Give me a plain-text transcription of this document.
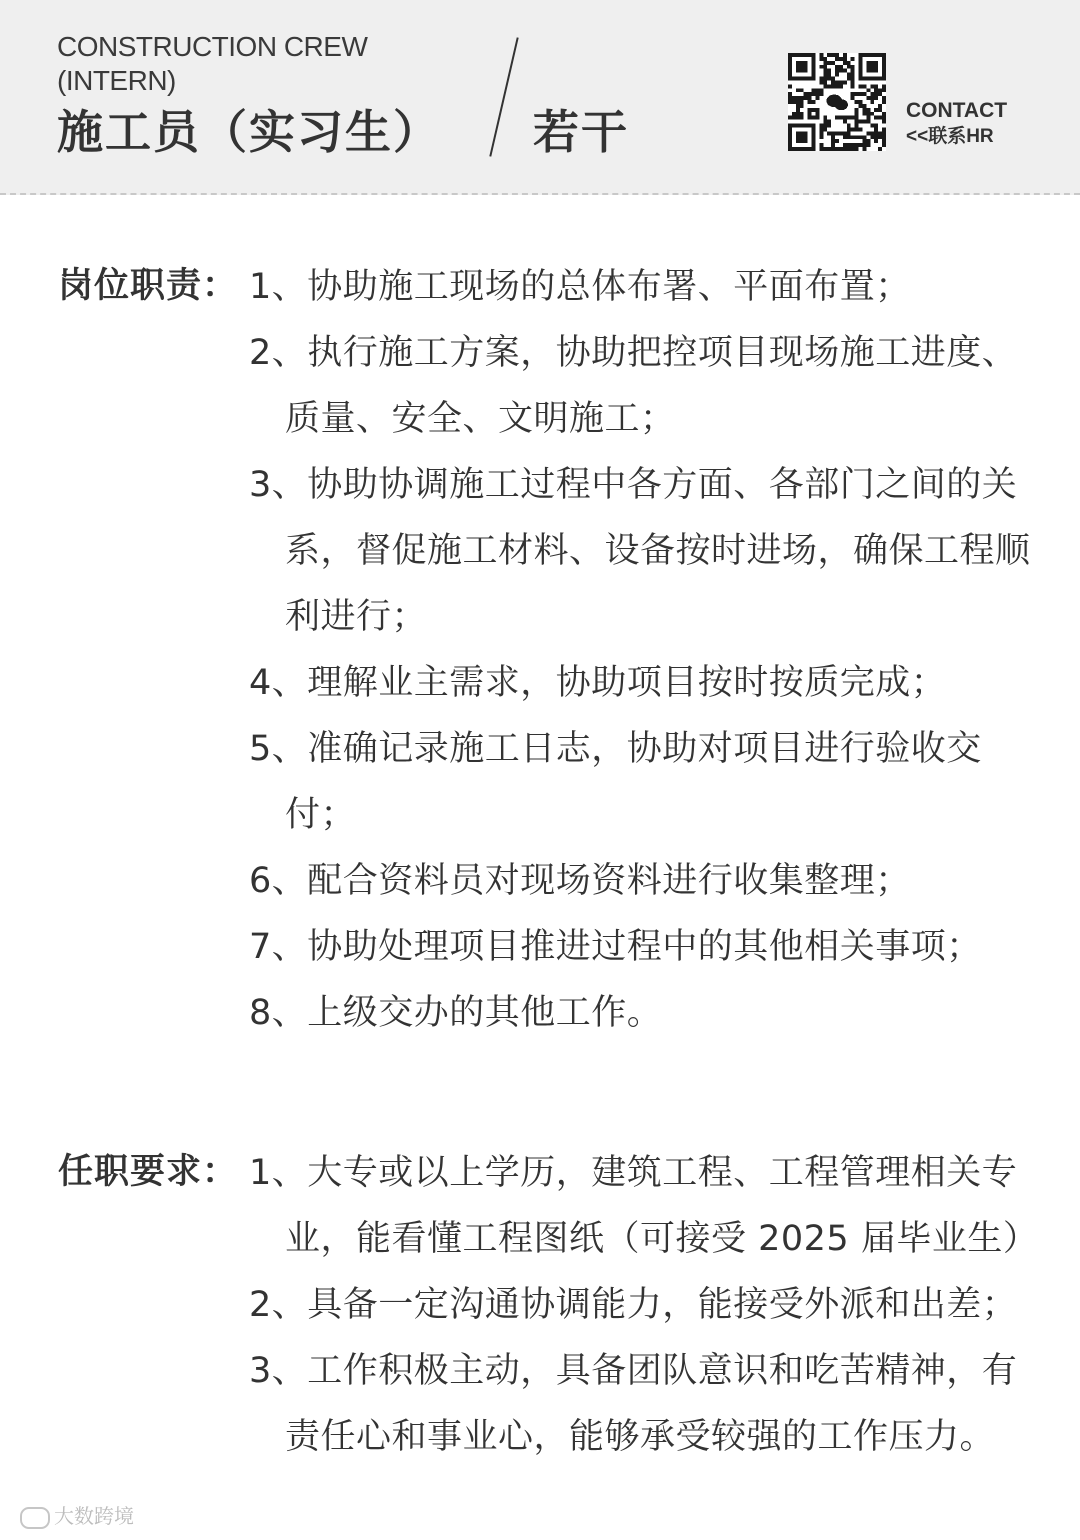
CONSTRUCTION CREW
(INTERN)
施工员（实习生） 若干	CONTACT
<<联系HR
岗位职责： 1、协助施工现场的总体布署、平面布置；
2、执行施工方案，协助把控项目现场施工进度、质量、安全、文明施工；
3、协助协调施工过程中各方面、各部门之间的关系，督促施工材料、设备按时进场，确保工程顺利进行；
4、理解业主需求，协助项目按时按质完成；
5、准确记录施工日志，协助对项目进行验收交付；
6、配合资料员对现场资料进行收集整理；
7、协助处理项目推进过程中的其他相关事项；
8、上级交办的其他工作。
任职要求： 1、大专或以上学历，建筑工程、工程管理相关专业，能看懂工程图纸（可接受 2025 届毕业生）
2、具备一定沟通协调能力，能接受外派和出差；
3、工作积极主动，具备团队意识和吃苦精神，有责任心和事业心，能够承受较强的工作压力。
大数跨境
